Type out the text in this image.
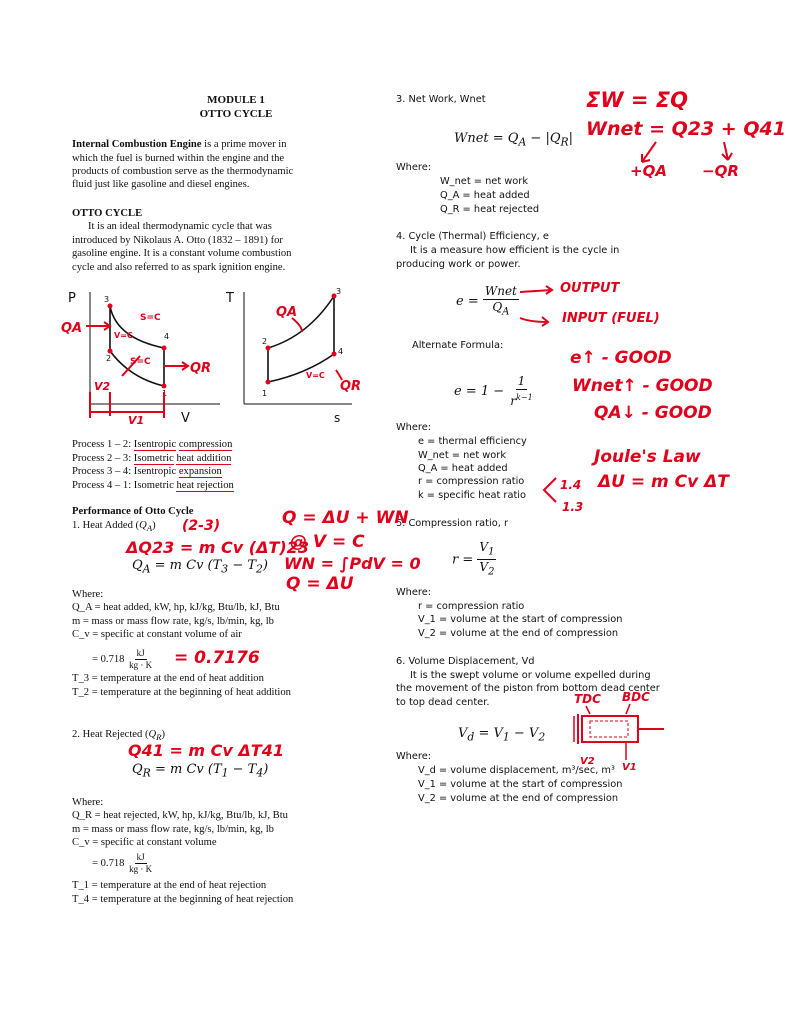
MODULE 1
OTTO CYCLE
Internal Combustion Engine is a prime mover in
which the fuel is burned within the engine and the
products of combustion serve as the thermodynamic
fluid just like gasoline and diesel engines.
OTTO CYCLE
It is an ideal thermodynamic cycle that was
introduced by Nikolaus A. Otto (1832 – 1891) for
gasoline engine. It is a constant volume combustion
cycle and also referred to as spark ignition engine.
P
V
3
4
2
1
QA
QR
S=C
V=C
S=C
V2
V1
T
s
3
2
4
1
QA
V=C
QR
Process 1 – 2: Isentropic compression
Process 2 – 3: Isometric heat addition
Process 3 – 4: Isentropic expansion
Process 4 – 1: Isometric heat rejection
Performance of Otto Cycle
1. Heat Added $(Q_A)$
$Q_A = m$ Cv $(T_3 - T_2)$
Where:
Q_A = heat added, kW, hp, kJ/kg, Btu/lb, kJ, Btu
m = mass or mass flow rate, kg/s, lb/min, kg, lb
C_v = specific at constant volume of air
= $0.718 \frac{kJ}{kg \cdot K}$
T_3 = temperature at the end of heat addition
T_2 = temperature at the beginning of heat addition
2. Heat Rejected $(Q_R)$
$Q_R = m$ Cv $(T_1 - T_4)$
Where:
Q_R = heat rejected, kW, hp, kJ/kg, Btu/lb, kJ, Btu
m = mass or mass flow rate, kg/s, lb/min, kg, lb
C_v = specific at constant volume
= $0.718 \frac{kJ}{kg \cdot K}$
T_1 = temperature at the end of heat rejection
T_4 = temperature at the beginning of heat rejection
3. Net Work, Wnet
Wnet = $Q_A - |Q_R|$
Where:
W_net = net work
Q_A = heat added
Q_R = heat rejected
4. Cycle (Thermal) Efficiency, e
It is a measure how efficient is the cycle in
producing work or power.
$e = \frac{\text{Wnet}}{Q_A}$
Alternate Formula:
$e = 1 - \frac{1}{r^{k-1}}$
Where:
e = thermal efficiency
W_net = net work
Q_A = heat added
r = compression ratio
k = specific heat ratio
5. Compression ratio, r
$r = \frac{V_1}{V_2}$
Where:
r = compression ratio
V_1 = volume at the start of compression
V_2 = volume at the end of compression
6. Volume Displacement, Vd
It is the swept volume or volume expelled during
the movement of the piston from bottom dead center
to top dead center.
$V_d = V_1 - V_2$
Where:
V_d = volume displacement, m³/sec, m³
V_1 = volume at the start of compression
V_2 = volume at the end of compression
ΣW = ΣQ
Wnet = Q23 + Q41
+QA −QR
OUTPUT
INPUT (FUEL)
e↑ - GOOD
Wnet↑ - GOOD
QA↓ - GOOD
Joule's Law
ΔU = m Cv ΔT
1.4
1.3
Q = ΔU + WN
@ V = C
WN = ∫PdV = 0
Q = ΔU
(2-3)
ΔQ23 = m Cv (ΔT)23
= 0.7176
Q41 = m Cv ΔT41
TDC BDC
V2
V1
